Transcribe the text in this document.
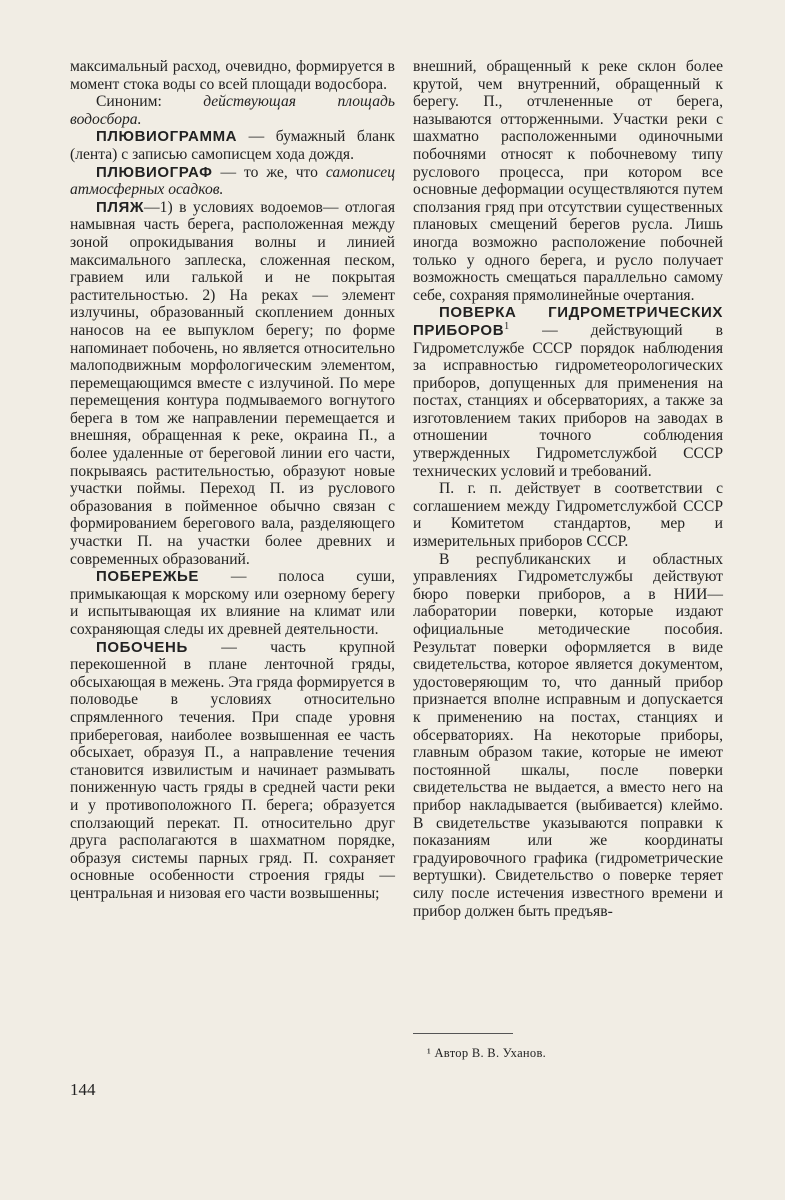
максимальный расход, очевидно, формируется в момент стока воды со всей площади водосбора.

Синоним: действующая площадь водосбора.

ПЛЮВИОГРАММА — бумажный бланк (лента) с записью самописцем хода дождя.

ПЛЮВИОГРАФ — то же, что самописец атмосферных осадков.

ПЛЯЖ—1) в условиях водоемов— отлогая намывная часть берега, расположенная между зоной опрокидывания волны и линией максимального заплеска, сложенная песком, гравием или галькой и не покрытая растительностью. 2) На реках — элемент излучины, образованный скоплением донных наносов на ее выпуклом берегу; по форме напоминает побочень, но является относительно малоподвижным морфологическим элементом, перемещающимся вместе с излучиной. По мере перемещения контура подмываемого вогнутого берега в том же направлении перемещается и внешняя, обращенная к реке, окраина П., а более удаленные от береговой линии его части, покрываясь растительностью, образуют новые участки поймы. Переход П. из руслового образования в пойменное обычно связан с формированием берегового вала, разделяющего участки П. на участки более древних и современных образований.

ПОБЕРЕЖЬЕ — полоса суши, примыкающая к морскому или озерному берегу и испытывающая их влияние на климат или сохраняющая следы их древней деятельности.

ПОБОЧЕНЬ — часть крупной перекошенной в плане ленточной гряды, обсыхающая в межень. Эта гряда формируется в половодье в условиях относительно спрямленного течения. При спаде уровня прибереговая, наиболее возвышенная ее часть обсыхает, образуя П., а направление течения становится извилистым и начинает размывать пониженную часть гряды в средней части реки и у противоположного П. берега; образуется сползающий перекат. П. относительно друг друга располагаются в шахматном порядке, образуя системы парных гряд. П. сохраняет основные особенности строения гряды — центральная и низовая его части возвышенны;

внешний, обращенный к реке склон более крутой, чем внутренний, обращенный к берегу. П., отчлененные от берега, называются отторженными. Участки реки с шахматно расположенными одиночными побочнями относят к побочневому типу руслового процесса, при котором все основные деформации осуществляются путем сползания гряд при отсутствии существенных плановых смещений берегов русла. Лишь иногда возможно расположение побочней только у одного берега, и русло получает возможность смещаться параллельно самому себе, сохраняя прямолинейные очертания.

ПОВЕРКА ГИДРОМЕТРИЧЕСКИХ ПРИБОРОВ$^1$ — действующий в Гидрометслужбе СССР порядок наблюдения за исправностью гидрометеорологических приборов, допущенных для применения на постах, станциях и обсерваториях, а также за изготовлением таких приборов на заводах в отношении точного соблюдения утвержденных Гидрометслужбой СССР технических условий и требований.

П. г. п. действует в соответствии с соглашением между Гидрометслужбой СССР и Комитетом стандартов, мер и измерительных приборов СССР.

В республиканских и областных управлениях Гидрометслужбы действуют бюро поверки приборов, а в НИИ— лаборатории поверки, которые издают официальные методические пособия. Результат поверки оформляется в виде свидетельства, которое является документом, удостоверяющим то, что данный прибор признается вполне исправным и допускается к применению на постах, станциях и обсерваториях. На некоторые приборы, главным образом такие, которые не имеют постоянной шкалы, после поверки свидетельства не выдается, а вместо него на прибор накладывается (выбивается) клеймо. В свидетельстве указываются поправки к показаниям или же координаты градуировочного графика (гидрометрические вертушки). Свидетельство о поверке теряет силу после истечения известного времени и прибор должен быть предъяв-

¹ Автор В. В. Уханов.
144
